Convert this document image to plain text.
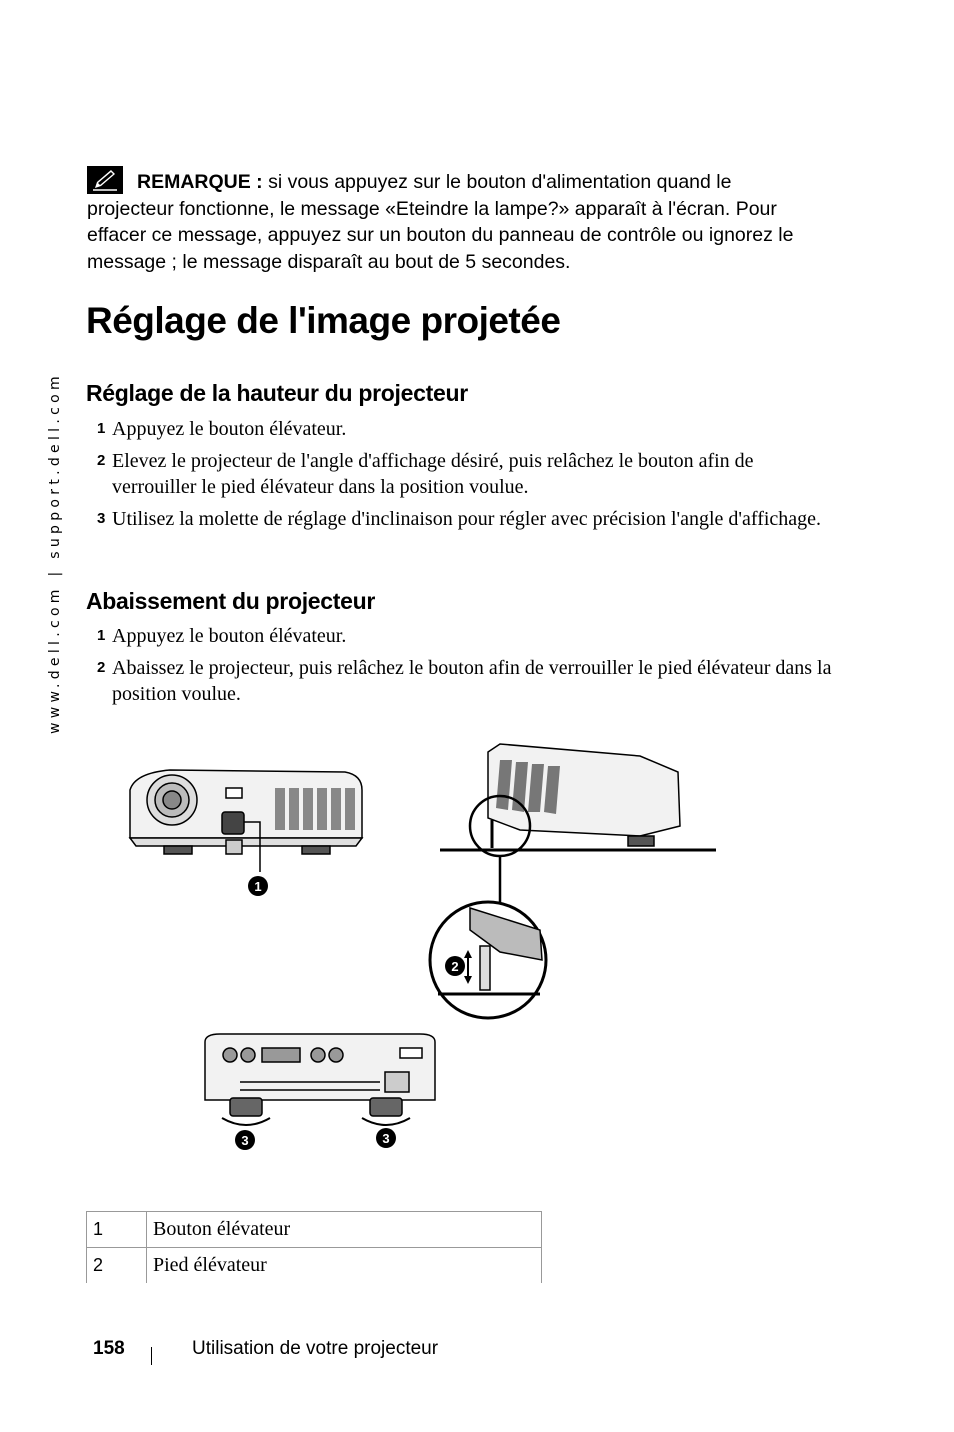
www.dell.com | support.dell.com
REMARQUE : si vous appuyez sur le bouton d'alimentation quand le projecteur fonctionne, le message «Eteindre la lampe?» apparaît à l'écran. Pour effacer ce message, appuyez sur un bouton du panneau de contrôle ou ignorez le message ; le message disparaît au bout de 5 secondes.
Réglage de l'image projetée
Réglage de la hauteur du projecteur
1 Appuyez le bouton élévateur.
2 Elevez le projecteur de l'angle d'affichage désiré, puis relâchez le bouton afin de verrouiller le pied élévateur dans la position voulue.
3 Utilisez la molette de réglage d'inclinaison pour régler avec précision l'angle d'affichage.
Abaissement du projecteur
1 Appuyez le bouton élévateur.
2 Abaissez le projecteur, puis relâchez le bouton afin de verrouiller le pied élévateur dans la position voulue.
1
2
3	3
1	Bouton élévateur
2	Pied élévateur
158	Utilisation de votre projecteur
